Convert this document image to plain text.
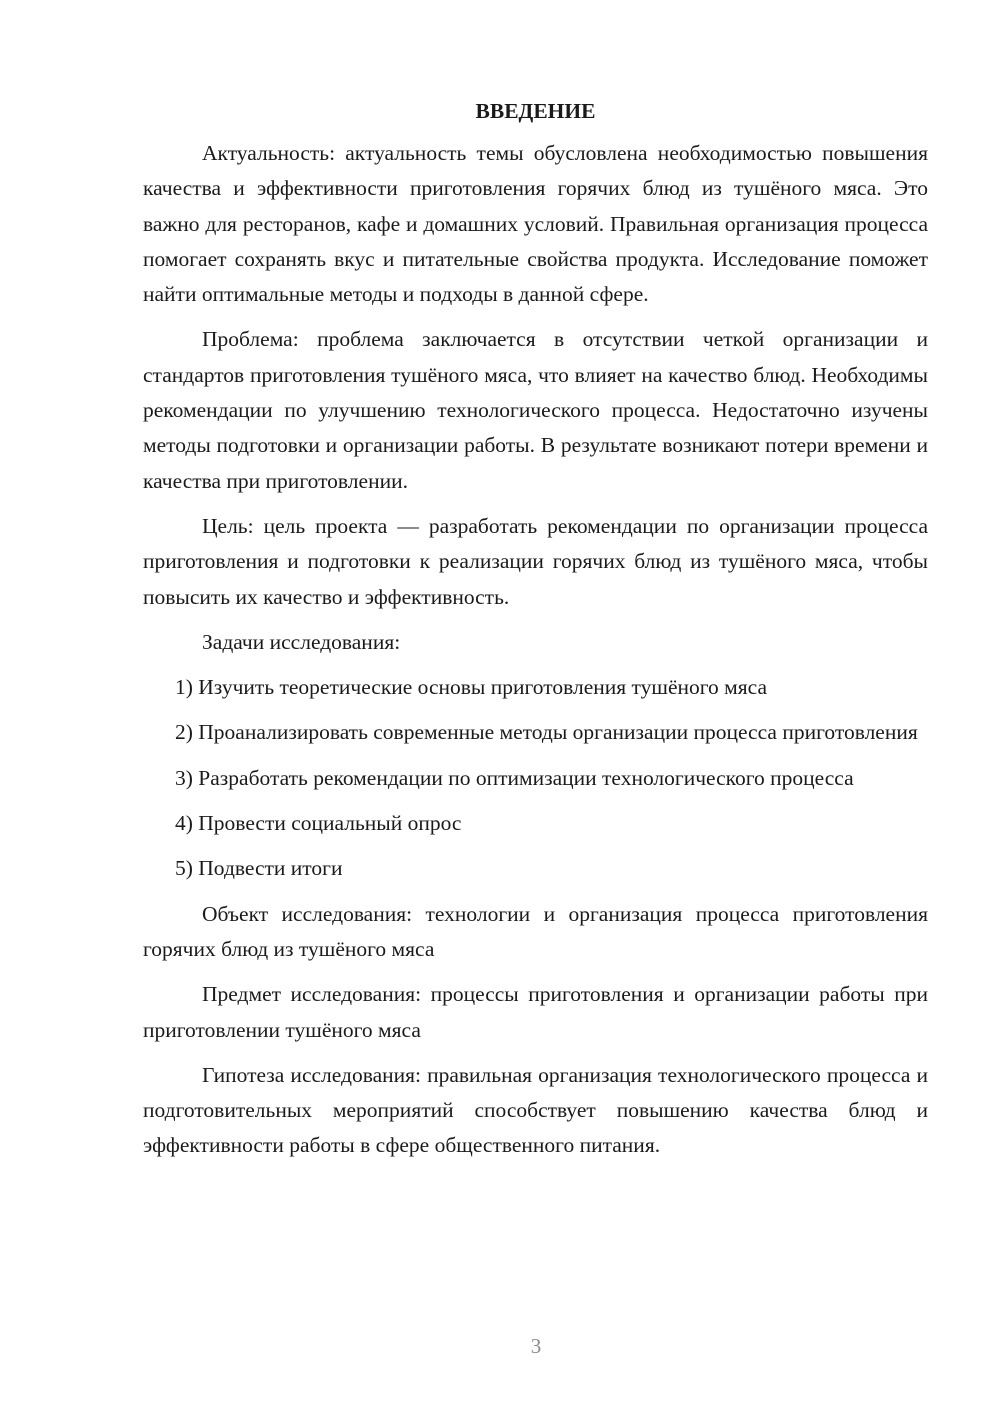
ВВЕДЕНИЕ

Актуальность: актуальность темы обусловлена необходимостью повышения качества и эффективности приготовления горячих блюд из тушёного мяса. Это важно для ресторанов, кафе и домашних условий. Правильная организация процесса помогает сохранять вкус и питательные свойства продукта. Исследование поможет найти оптимальные методы и подходы в данной сфере.

Проблема: проблема заключается в отсутствии четкой организации и стандартов приготовления тушёного мяса, что влияет на качество блюд. Необходимы рекомендации по улучшению технологического процесса. Недостаточно изучены методы подготовки и организации работы. В результате возникают потери времени и качества при приготовлении.

Цель: цель проекта — разработать рекомендации по организации процесса приготовления и подготовки к реализации горячих блюд из тушёного мяса, чтобы повысить их качество и эффективность.

Задачи исследования:

1) Изучить теоретические основы приготовления тушёного мяса

2) Проанализировать современные методы организации процесса приготовления

3) Разработать рекомендации по оптимизации технологического процесса

4) Провести социальный опрос

5) Подвести итоги

Объект исследования: технологии и организация процесса приготовления горячих блюд из тушёного мяса

Предмет исследования: процессы приготовления и организации работы при приготовлении тушёного мяса

Гипотеза исследования: правильная организация технологического процесса и подготовительных мероприятий способствует повышению качества блюд и эффективности работы в сфере общественного питания.

3
